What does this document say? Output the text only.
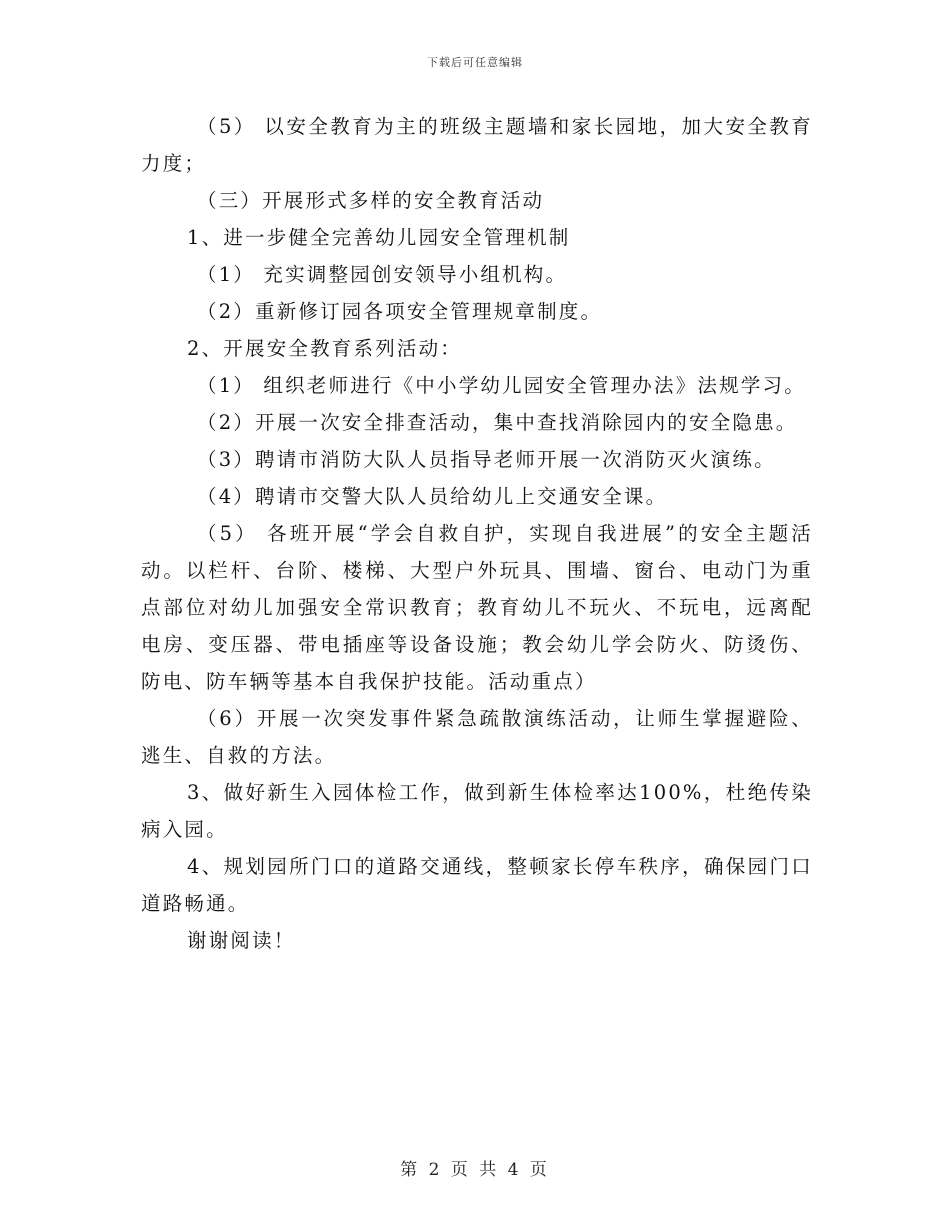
下载后可任意编辑

（5） 以安全教育为主的班级主题墙和家长园地，加大安全教育力度；

（三）开展形式多样的安全教育活动

1、进一步健全完善幼儿园安全管理机制

（1） 充实调整园创安领导小组机构。

（2）重新修订园各项安全管理规章制度。

2、开展安全教育系列活动：

（1） 组织老师进行《中小学幼儿园安全管理办法》法规学习。

（2）开展一次安全排查活动，集中查找消除园内的安全隐患。

（3）聘请市消防大队人员指导老师开展一次消防灭火演练。

（4）聘请市交警大队人员给幼儿上交通安全课。

（5） 各班开展“学会自救自护，实现自我进展”的安全主题活动。以栏杆、台阶、楼梯、大型户外玩具、围墙、窗台、电动门为重点部位对幼儿加强安全常识教育；教育幼儿不玩火、不玩电，远离配电房、变压器、带电插座等设备设施；教会幼儿学会防火、防烫伤、防电、防车辆等基本自我保护技能。活动重点）

（6）开展一次突发事件紧急疏散演练活动，让师生掌握避险、逃生、自救的方法。

3、做好新生入园体检工作，做到新生体检率达100%，杜绝传染病入园。

4、规划园所门口的道路交通线，整顿家长停车秩序，确保园门口道路畅通。

谢谢阅读！

第 2 页 共 4 页
